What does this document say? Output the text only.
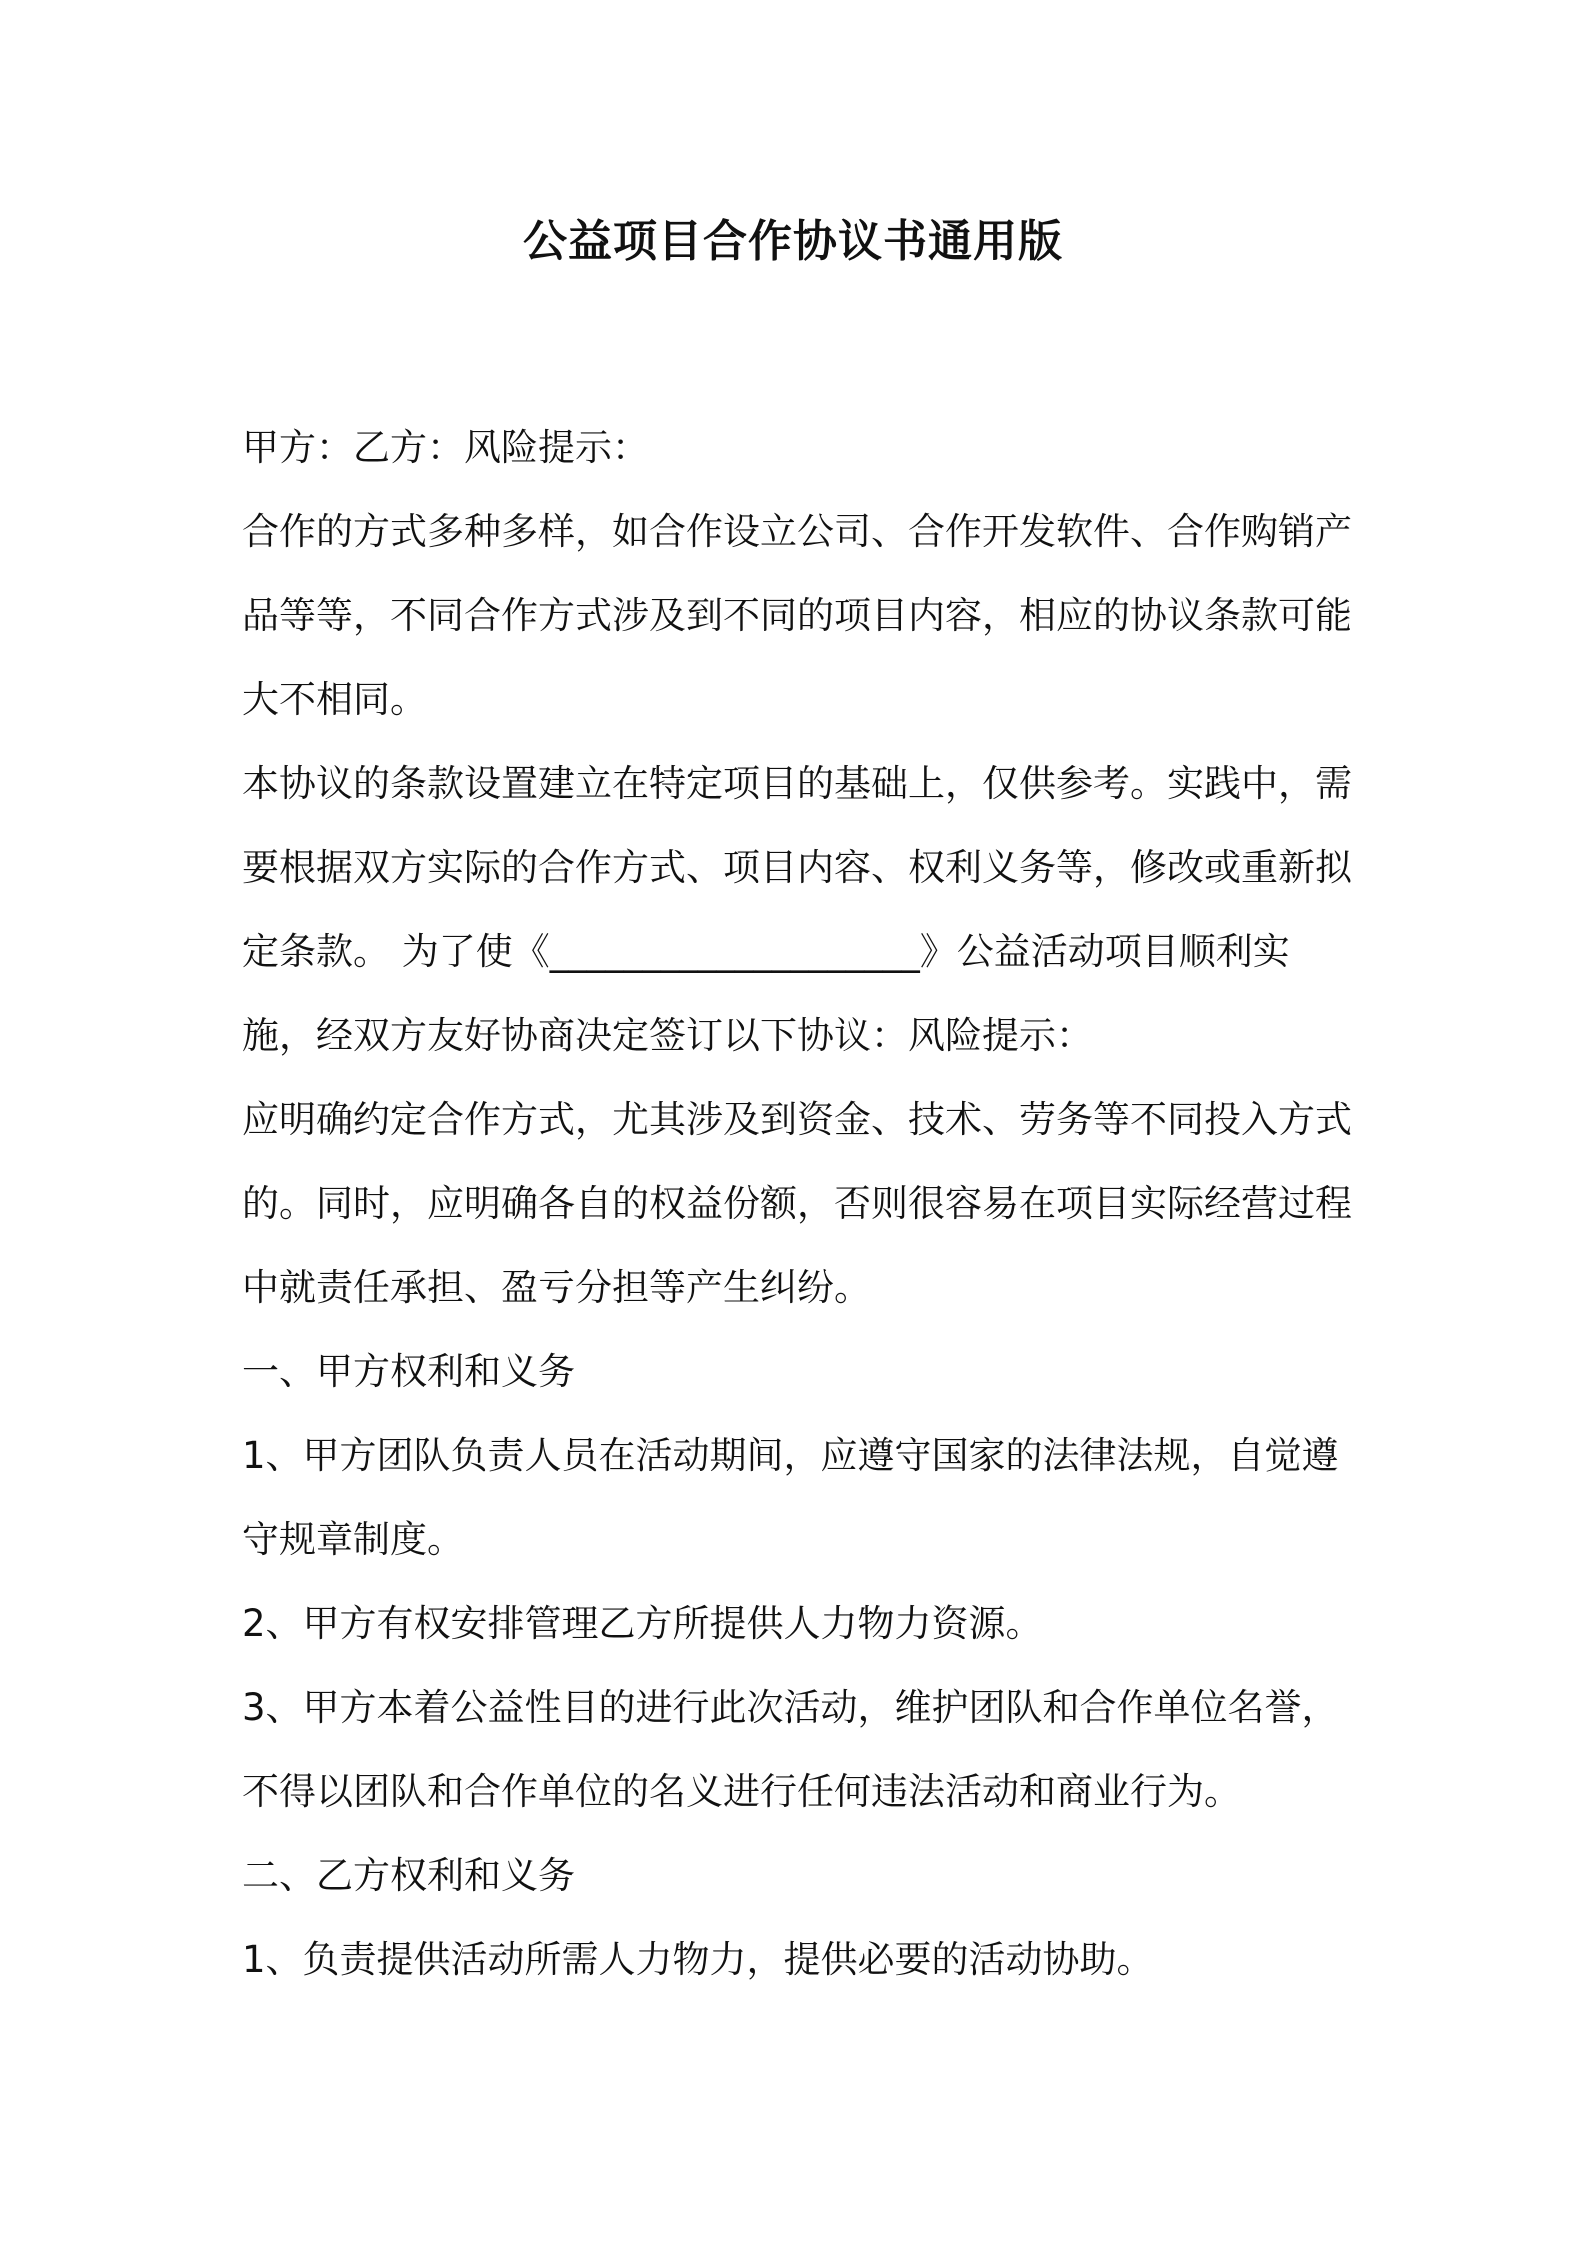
公益项目合作协议书通用版

甲方：乙方：风险提示：

合作的方式多种多样，如合作设立公司、合作开发软件、合作购销产品等等，不同合作方式涉及到不同的项目内容，相应的协议条款可能大不相同。

本协议的条款设置建立在特定项目的基础上，仅供参考。实践中，需要根据双方实际的合作方式、项目内容、权利义务等，修改或重新拟定条款。 为了使《____________________》公益活动项目顺利实施，经双方友好协商决定签订以下协议：风险提示：

应明确约定合作方式，尤其涉及到资金、技术、劳务等不同投入方式的。同时，应明确各自的权益份额，否则很容易在项目实际经营过程中就责任承担、盈亏分担等产生纠纷。

一、甲方权利和义务

1、甲方团队负责人员在活动期间，应遵守国家的法律法规，自觉遵守规章制度。

2、甲方有权安排管理乙方所提供人力物力资源。

3、甲方本着公益性目的进行此次活动，维护团队和合作单位名誉，不得以团队和合作单位的名义进行任何违法活动和商业行为。

二、乙方权利和义务

1、负责提供活动所需人力物力，提供必要的活动协助。
